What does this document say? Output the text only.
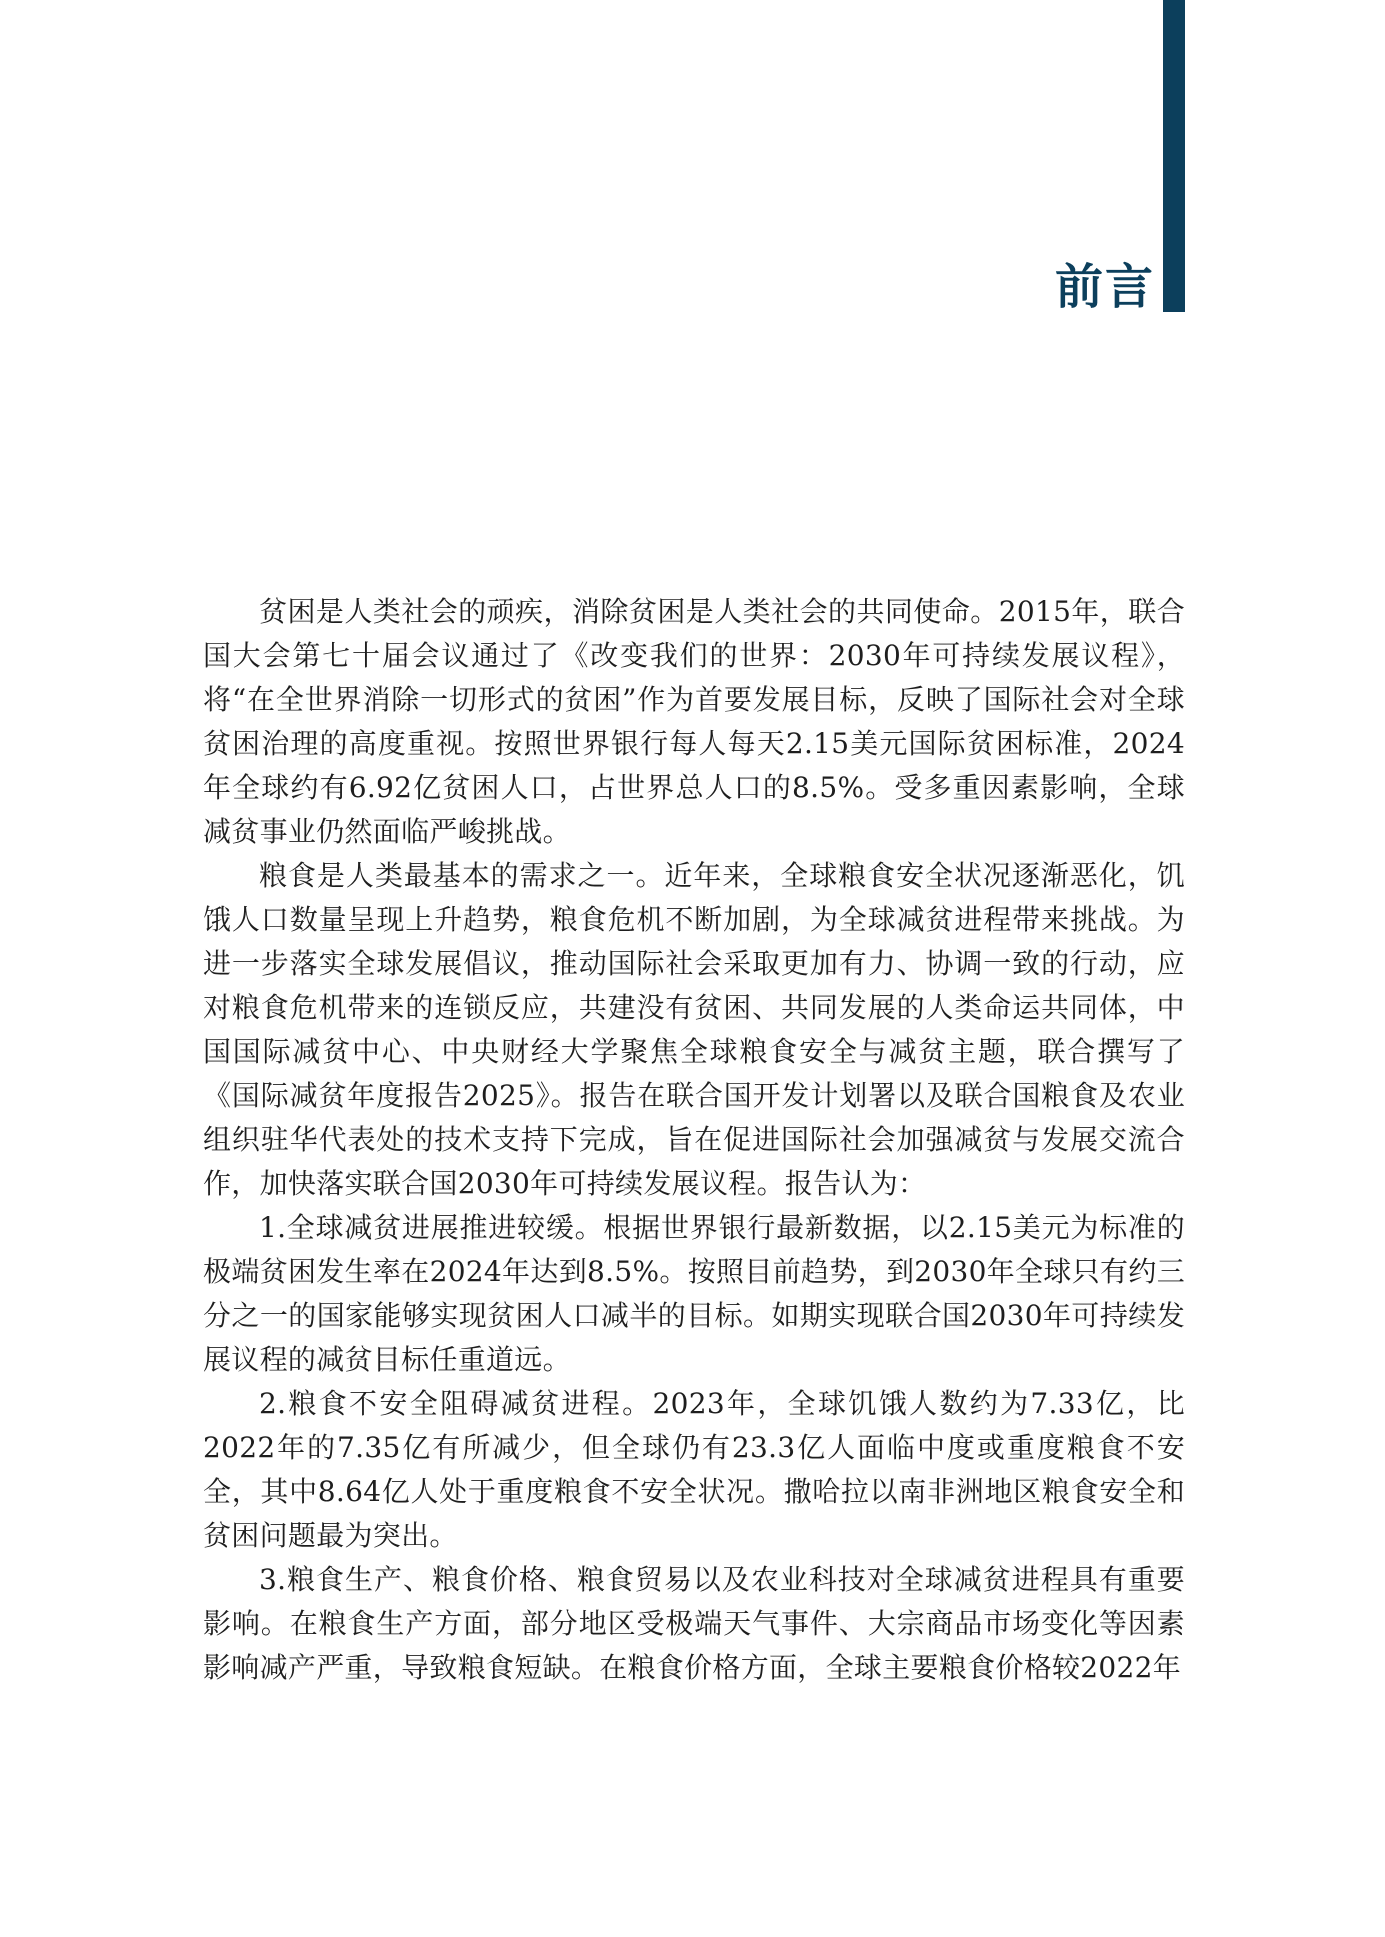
前言

贫困是人类社会的顽疾，消除贫困是人类社会的共同使命。2015年，联合国大会第七十届会议通过了《改变我们的世界：2030年可持续发展议程》，将“在全世界消除一切形式的贫困”作为首要发展目标，反映了国际社会对全球贫困治理的高度重视。按照世界银行每人每天2.15美元国际贫困标准，2024年全球约有6.92亿贫困人口，占世界总人口的8.5%。受多重因素影响，全球减贫事业仍然面临严峻挑战。

粮食是人类最基本的需求之一。近年来，全球粮食安全状况逐渐恶化，饥饿人口数量呈现上升趋势，粮食危机不断加剧，为全球减贫进程带来挑战。为进一步落实全球发展倡议，推动国际社会采取更加有力、协调一致的行动，应对粮食危机带来的连锁反应，共建没有贫困、共同发展的人类命运共同体，中国国际减贫中心、中央财经大学聚焦全球粮食安全与减贫主题，联合撰写了《国际减贫年度报告2025》。报告在联合国开发计划署以及联合国粮食及农业组织驻华代表处的技术支持下完成，旨在促进国际社会加强减贫与发展交流合作，加快落实联合国2030年可持续发展议程。报告认为：

1.全球减贫进展推进较缓。根据世界银行最新数据，以2.15美元为标准的极端贫困发生率在2024年达到8.5%。按照目前趋势，到2030年全球只有约三分之一的国家能够实现贫困人口减半的目标。如期实现联合国2030年可持续发展议程的减贫目标任重道远。

2.粮食不安全阻碍减贫进程。2023年，全球饥饿人数约为7.33亿，比2022年的7.35亿有所减少，但全球仍有23.3亿人面临中度或重度粮食不安全，其中8.64亿人处于重度粮食不安全状况。撒哈拉以南非洲地区粮食安全和贫困问题最为突出。

3.粮食生产、粮食价格、粮食贸易以及农业科技对全球减贫进程具有重要影响。在粮食生产方面，部分地区受极端天气事件、大宗商品市场变化等因素影响减产严重，导致粮食短缺。在粮食价格方面，全球主要粮食价格较2022年
